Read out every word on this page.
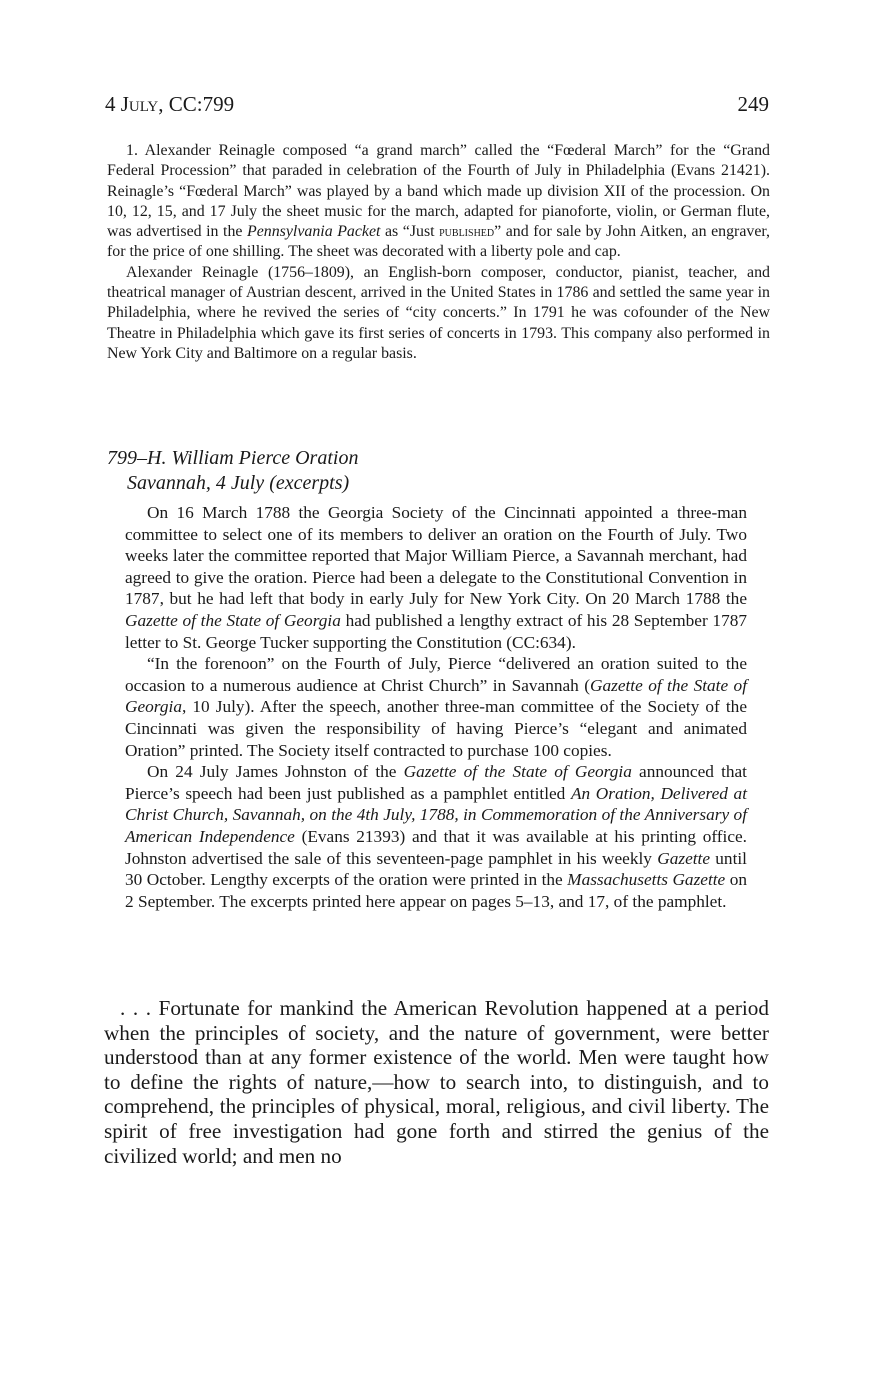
4 July, CC:799	249

1. Alexander Reinagle composed “a grand march” called the “Fœderal March” for the “Grand Federal Procession” that paraded in celebration of the Fourth of July in Philadelphia (Evans 21421). Reinagle’s “Fœderal March” was played by a band which made up division XII of the procession. On 10, 12, 15, and 17 July the sheet music for the march, adapted for pianoforte, violin, or German flute, was advertised in the Pennsylvania Packet as “Just published” and for sale by John Aitken, an engraver, for the price of one shilling. The sheet was decorated with a liberty pole and cap.

Alexander Reinagle (1756–1809), an English-born composer, conductor, pianist, teacher, and theatrical manager of Austrian descent, arrived in the United States in 1786 and settled the same year in Philadelphia, where he revived the series of “city concerts.” In 1791 he was cofounder of the New Theatre in Philadelphia which gave its first series of concerts in 1793. This company also performed in New York City and Baltimore on a regular basis.

799–H. William Pierce Oration
Savannah, 4 July (excerpts)

On 16 March 1788 the Georgia Society of the Cincinnati appointed a three-man committee to select one of its members to deliver an oration on the Fourth of July. Two weeks later the committee reported that Major William Pierce, a Savannah merchant, had agreed to give the oration. Pierce had been a delegate to the Constitutional Convention in 1787, but he had left that body in early July for New York City. On 20 March 1788 the Gazette of the State of Georgia had published a lengthy extract of his 28 September 1787 letter to St. George Tucker supporting the Constitution (CC:634).

“In the forenoon” on the Fourth of July, Pierce “delivered an oration suited to the occasion to a numerous audience at Christ Church” in Savannah (Gazette of the State of Georgia, 10 July). After the speech, another three-man committee of the Society of the Cincinnati was given the responsibility of having Pierce’s “elegant and animated Oration” printed. The Society itself contracted to purchase 100 copies.

On 24 July James Johnston of the Gazette of the State of Georgia announced that Pierce’s speech had been just published as a pamphlet entitled An Oration, Delivered at Christ Church, Savannah, on the 4th July, 1788, in Commemoration of the Anniversary of American Independence (Evans 21393) and that it was available at his printing office. Johnston advertised the sale of this seventeen-page pamphlet in his weekly Gazette until 30 October. Lengthy excerpts of the oration were printed in the Massachusetts Gazette on 2 September. The excerpts printed here appear on pages 5–13, and 17, of the pamphlet.

. . . Fortunate for mankind the American Revolution happened at a period when the principles of society, and the nature of government, were better understood than at any former existence of the world. Men were taught how to define the rights of nature,—how to search into, to distinguish, and to comprehend, the principles of physical, moral, religious, and civil liberty. The spirit of free investigation had gone forth and stirred the genius of the civilized world; and men no
